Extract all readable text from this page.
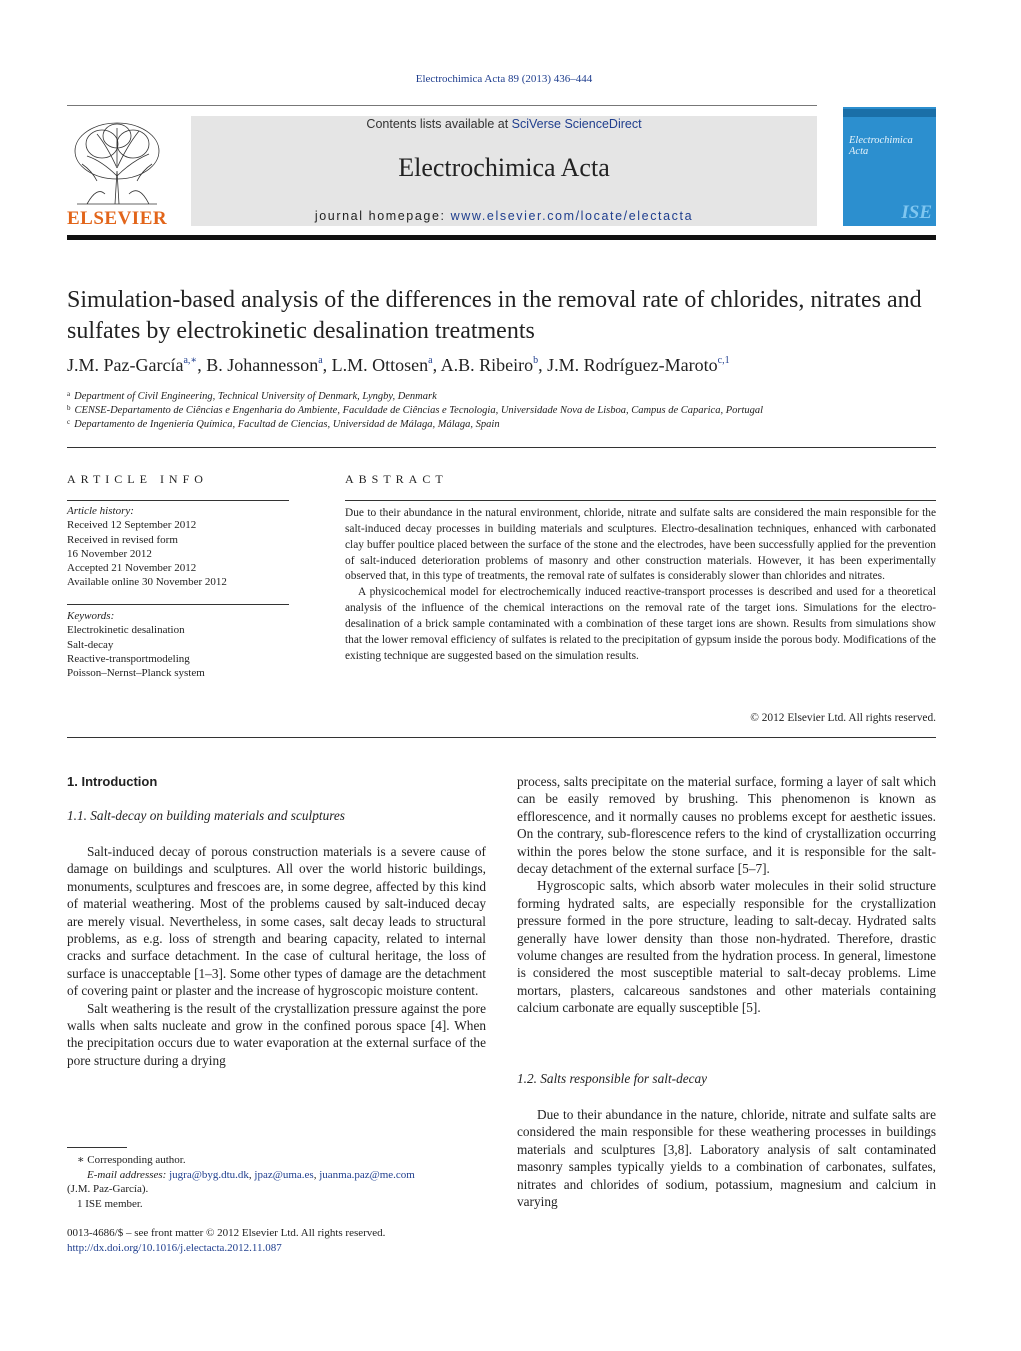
Electrochimica Acta 89 (2013) 436–444
ELSEVIER
Contents lists available at SciVerse ScienceDirect
Electrochimica Acta
journal homepage: www.elsevier.com/locate/electacta
Electrochimica Acta
ISE
Simulation-based analysis of the differences in the removal rate of chlorides, nitrates and sulfates by electrokinetic desalination treatments
J.M. Paz-García$^{a,∗}$, B. Johannesson$^a$, L.M. Ottosen$^a$, A.B. Ribeiro$^b$, J.M. Rodríguez-Maroto$^{c,1}$
$^a$ Department of Civil Engineering, Technical University of Denmark, Lyngby, Denmark
$^b$ CENSE-Departamento de Ciências e Engenharia do Ambiente, Faculdade de Ciências e Tecnologia, Universidade Nova de Lisboa, Campus de Caparica, Portugal
$^c$ Departamento de Ingeniería Química, Facultad de Ciencias, Universidad de Málaga, Málaga, Spain
ARTICLE INFO
Article history:
Received 12 September 2012
Received in revised form
16 November 2012
Accepted 21 November 2012
Available online 30 November 2012
Keywords:
Electrokinetic desalination
Salt-decay
Reactive-transportmodeling
Poisson–Nernst–Planck system
ABSTRACT

Due to their abundance in the natural environment, chloride, nitrate and sulfate salts are considered the main responsible for the salt-induced decay processes in building materials and sculptures. Electro-desalination techniques, enhanced with carbonated clay buffer poultice placed between the surface of the stone and the electrodes, have been successfully applied for the prevention of salt-induced deterioration problems of masonry and other construction materials. However, it has been experimentally observed that, in this type of treatments, the removal rate of sulfates is considerably slower than chlorides and nitrates.

A physicochemical model for electrochemically induced reactive-transport processes is described and used for a theoretical analysis of the influence of the chemical interactions on the removal rate of the target ions. Simulations for the electro-desalination of a brick sample contaminated with a combination of these target ions are shown. Results from simulations show that the lower removal efficiency of sulfates is related to the precipitation of gypsum inside the porous body. Modifications of the existing technique are suggested based on the simulation results.

© 2012 Elsevier Ltd. All rights reserved.
1. Introduction
1.1. Salt-decay on building materials and sculptures

Salt-induced decay of porous construction materials is a severe cause of damage on buildings and sculptures. All over the world historic buildings, monuments, sculptures and frescoes are, in some degree, affected by this kind of material weathering. Most of the problems caused by salt-induced decay are merely visual. Nevertheless, in some cases, salt decay leads to structural problems, as e.g. loss of strength and bearing capacity, related to internal cracks and surface detachment. In the case of cultural heritage, the loss of surface is unacceptable [1–3]. Some other types of damage are the detachment of covering paint or plaster and the increase of hygroscopic moisture content.

Salt weathering is the result of the crystallization pressure against the pore walls when salts nucleate and grow in the confined porous space [4]. When the precipitation occurs due to water evaporation at the external surface of the pore structure during a drying

∗ Corresponding author.
E-mail addresses: jugra@byg.dtu.dk, jpaz@uma.es, juanma.paz@me.com
(J.M. Paz-García).
1 ISE member.
0013-4686/$ – see front matter © 2012 Elsevier Ltd. All rights reserved.
http://dx.doi.org/10.1016/j.electacta.2012.11.087

process, salts precipitate on the material surface, forming a layer of salt which can be easily removed by brushing. This phenomenon is known as efflorescence, and it normally causes no problems except for aesthetic issues. On the contrary, sub-florescence refers to the kind of crystallization occurring within the pores below the stone surface, and it is responsible for the salt-decay detachment of the external surface [5–7].

Hygroscopic salts, which absorb water molecules in their solid structure forming hydrated salts, are especially responsible for the crystallization pressure formed in the pore structure, leading to salt-decay. Hydrated salts generally have lower density than those non-hydrated. Therefore, drastic volume changes are resulted from the hydration process. In general, limestone is considered the most susceptible material to salt-decay problems. Lime mortars, plasters, calcareous sandstones and other materials containing calcium carbonate are equally susceptible [5].

1.2. Salts responsible for salt-decay

Due to their abundance in the nature, chloride, nitrate and sulfate salts are considered the main responsible for these weathering processes in buildings materials and sculptures [3,8]. Laboratory analysis of salt contaminated masonry samples typically yields to a combination of carbonates, sulfates, nitrates and chlorides of sodium, potassium, magnesium and calcium in varying
